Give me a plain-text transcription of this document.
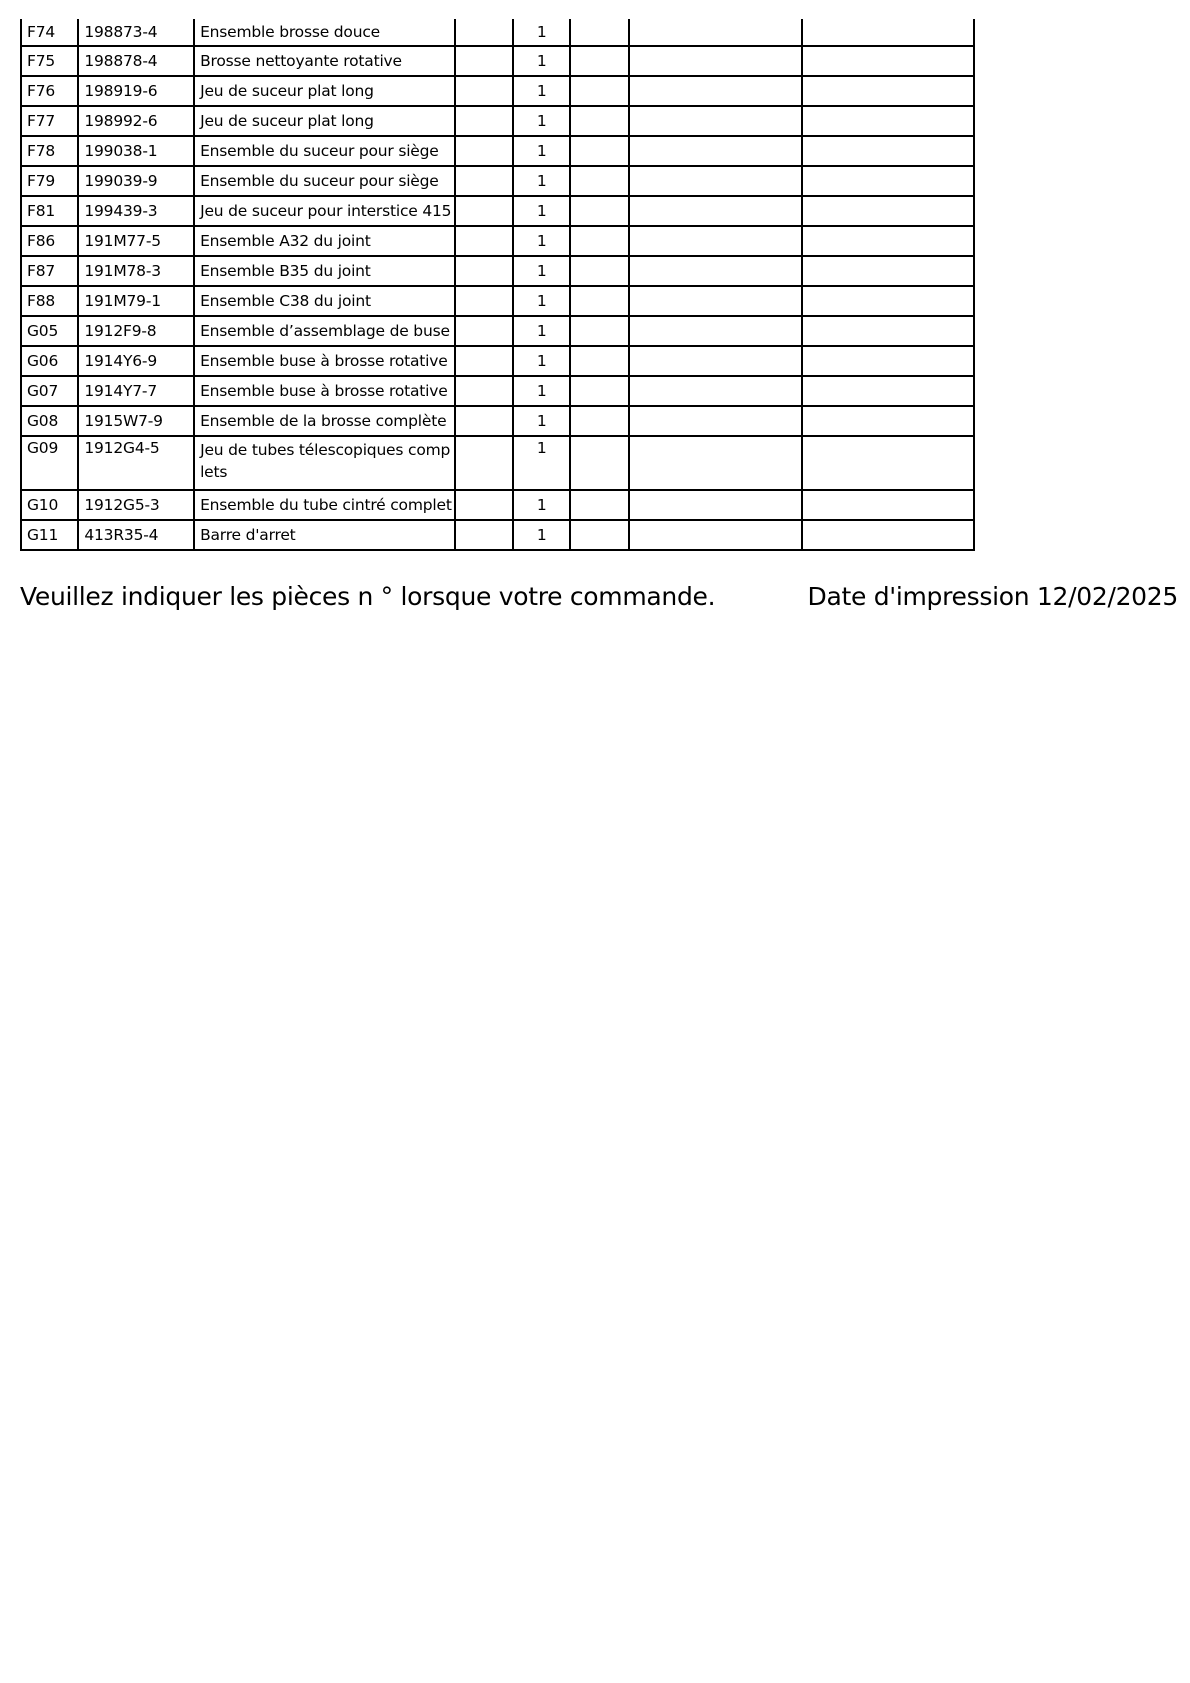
F74	198873-4	Ensemble brosse douce		1			
F75	198878-4	Brosse nettoyante rotative		1			
F76	198919-6	Jeu de suceur plat long		1			
F77	198992-6	Jeu de suceur plat long		1			
F78	199038-1	Ensemble du suceur pour siège		1			
F79	199039-9	Ensemble du suceur pour siège		1			
F81	199439-3	Jeu de suceur pour interstice 415		1			
F86	191M77-5	Ensemble A32 du joint		1			
F87	191M78-3	Ensemble B35 du joint		1			
F88	191M79-1	Ensemble C38 du joint		1			
G05	1912F9-8	Ensemble d’assemblage de buse		1			
G06	1914Y6-9	Ensemble buse à brosse rotative		1			
G07	1914Y7-7	Ensemble buse à brosse rotative		1			
G08	1915W7-9	Ensemble de la brosse complète		1			
G09	1912G4-5	Jeu de tubes télescopiques comp lets		1			
G10	1912G5-3	Ensemble du tube cintré complet		1			
G11	413R35-4	Barre d'arret		1			
Veuillez indiquer les pièces n ° lorsque votre commande.	Date d'impression 12/02/2025
